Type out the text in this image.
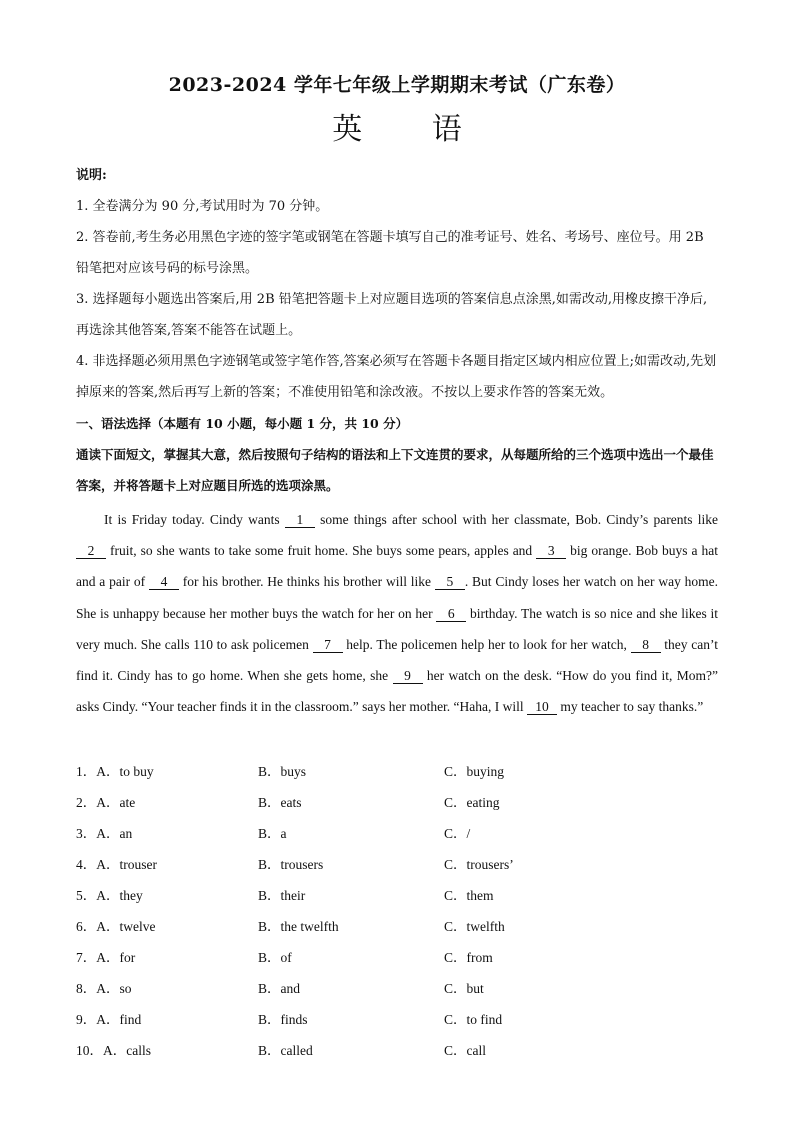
2023-2024 学年七年级上学期期末考试（广东卷）
英 语
说明:
1. 全卷满分为 90 分,考试用时为 70 分钟。
2. 答卷前,考生务必用黑色字迹的签字笔或钢笔在答题卡填写自己的准考证号、姓名、考场号、座位号。用 2B 铅笔把对应该号码的标号涂黑。
3. 选择题每小题选出答案后,用 2B 铅笔把答题卡上对应题目选项的答案信息点涂黑,如需改动,用橡皮擦干净后,再选涂其他答案,答案不能答在试题上。
4. 非选择题必须用黑色字迹钢笔或签字笔作答,答案必须写在答题卡各题目指定区域内相应位置上;如需改动,先划掉原来的答案,然后再写上新的答案；不准使用铅笔和涂改液。不按以上要求作答的答案无效。
一、语法选择（本题有 10 小题，每小题 1 分，共 10 分）
通读下面短文，掌握其大意，然后按照句子结构的语法和上下文连贯的要求，从每题所给的三个选项中选出一个最佳答案，并将答题卡上对应题目所选的选项涂黑。
It is Friday today. Cindy wants 1 some things after school with her classmate, Bob. Cindy’s parents like 2 fruit, so she wants to take some fruit home. She buys some pears, apples and 3 big orange. Bob buys a hat and a pair of 4 for his brother. He thinks his brother will like 5 . But Cindy loses her watch on her way home. She is unhappy because her mother buys the watch for her on her 6 birthday. The watch is so nice and she likes it very much. She calls 110 to ask policemen 7 help. The policemen help her to look for her watch, 8 they can’t find it. Cindy has to go home. When she gets home, she 9 her watch on the desk. “How do you find it, Mom?” asks Cindy. “Your teacher finds it in the classroom.” says her mother. “Haha, I will 10 my teacher to say thanks.”
1．A．to buy	B．buys	C．buying
2．A．ate	B．eats	C．eating
3．A．an	B．a	C．/
4．A．trouser	B．trousers	C．trousers’
5．A．they	B．their	C．them
6．A．twelve	B．the twelfth	C．twelfth
7．A．for	B．of	C．from
8．A．so	B．and	C．but
9．A．find	B．finds	C．to find
10．A．calls	B．called	C．call
